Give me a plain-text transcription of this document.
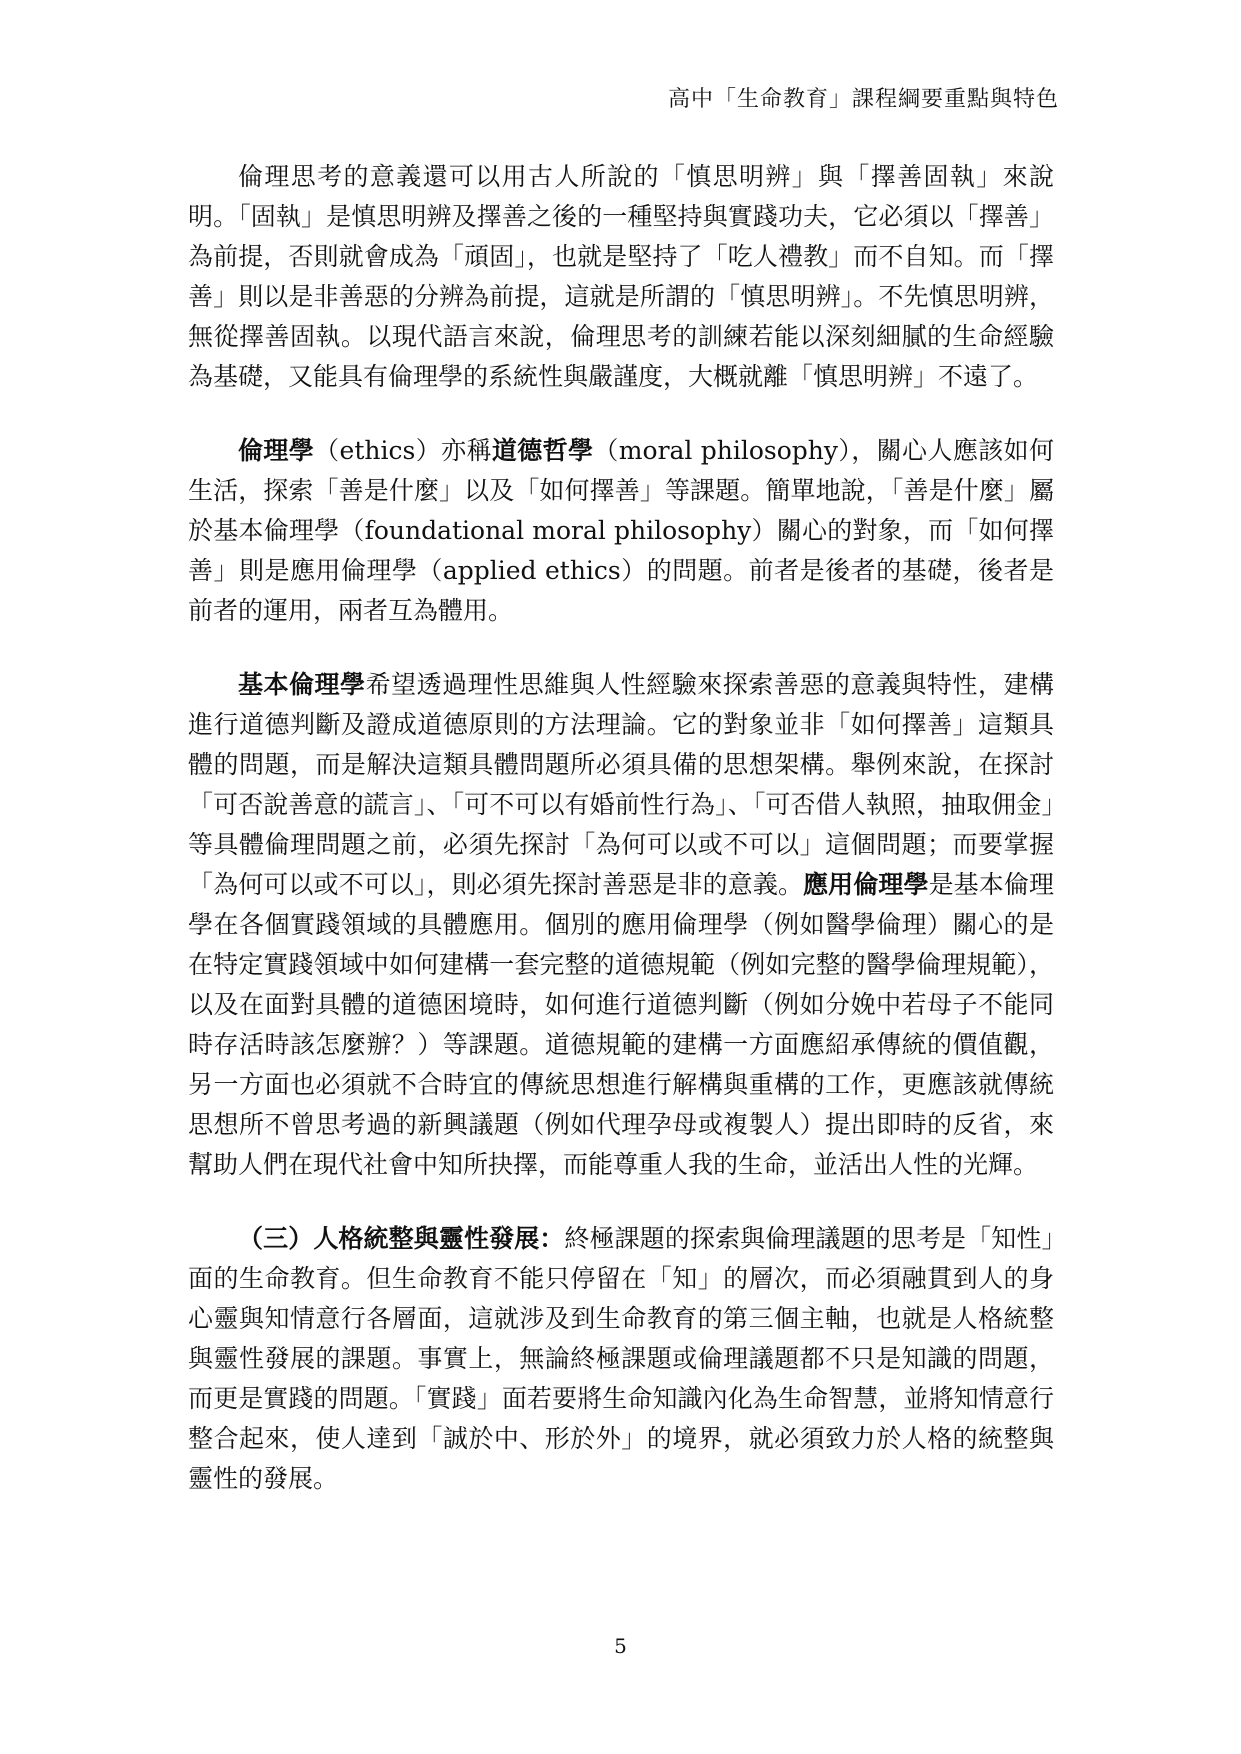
高中「生命教育」課程綱要重點與特色

倫理思考的意義還可以用古人所說的「慎思明辨」與「擇善固執」來說明。「固執」是慎思明辨及擇善之後的一種堅持與實踐功夫，它必須以「擇善」為前提，否則就會成為「頑固」，也就是堅持了「吃人禮教」而不自知。而「擇善」則以是非善惡的分辨為前提，這就是所謂的「慎思明辨」。不先慎思明辨，無從擇善固執。以現代語言來說，倫理思考的訓練若能以深刻細膩的生命經驗為基礎，又能具有倫理學的系統性與嚴謹度，大概就離「慎思明辨」不遠了。

倫理學（ethics）亦稱道德哲學（moral philosophy），關心人應該如何生活，探索「善是什麼」以及「如何擇善」等課題。簡單地說，「善是什麼」屬於基本倫理學（foundational moral philosophy）關心的對象，而「如何擇善」則是應用倫理學（applied ethics）的問題。前者是後者的基礎，後者是前者的運用，兩者互為體用。

基本倫理學希望透過理性思維與人性經驗來探索善惡的意義與特性，建構進行道德判斷及證成道德原則的方法理論。它的對象並非「如何擇善」這類具體的問題，而是解決這類具體問題所必須具備的思想架構。舉例來說，在探討「可否說善意的謊言」、「可不可以有婚前性行為」、「可否借人執照，抽取佣金」等具體倫理問題之前，必須先探討「為何可以或不可以」這個問題；而要掌握「為何可以或不可以」，則必須先探討善惡是非的意義。應用倫理學是基本倫理學在各個實踐領域的具體應用。個別的應用倫理學（例如醫學倫理）關心的是在特定實踐領域中如何建構一套完整的道德規範（例如完整的醫學倫理規範），以及在面對具體的道德困境時，如何進行道德判斷（例如分娩中若母子不能同時存活時該怎麼辦？）等課題。道德規範的建構一方面應紹承傳統的價值觀，另一方面也必須就不合時宜的傳統思想進行解構與重構的工作，更應該就傳統思想所不曾思考過的新興議題（例如代理孕母或複製人）提出即時的反省，來幫助人們在現代社會中知所抉擇，而能尊重人我的生命，並活出人性的光輝。

（三）人格統整與靈性發展：終極課題的探索與倫理議題的思考是「知性」面的生命教育。但生命教育不能只停留在「知」的層次，而必須融貫到人的身心靈與知情意行各層面，這就涉及到生命教育的第三個主軸，也就是人格統整與靈性發展的課題。事實上，無論終極課題或倫理議題都不只是知識的問題，而更是實踐的問題。「實踐」面若要將生命知識內化為生命智慧，並將知情意行整合起來，使人達到「誠於中、形於外」的境界，就必須致力於人格的統整與靈性的發展。

5
